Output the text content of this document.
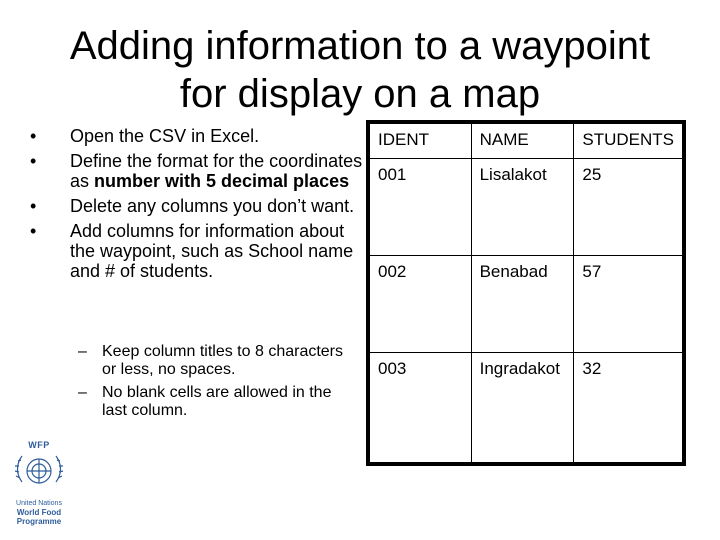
Adding information to a waypoint
for display on a map
• Open the CSV in Excel.
• Define the format for the coordinates as number with 5 decimal places
• Delete any columns you don’t want.
• Add columns for information about the waypoint, such as School name and # of students.
– Keep column titles to 8 characters or less, no spaces.
– No blank cells are allowed in the last column.
IDENT	NAME	STUDENTS
001	Lisalakot	25
002	Benabad	57
003	Ingradakot	32
WFP
United Nations
World Food
Programme
